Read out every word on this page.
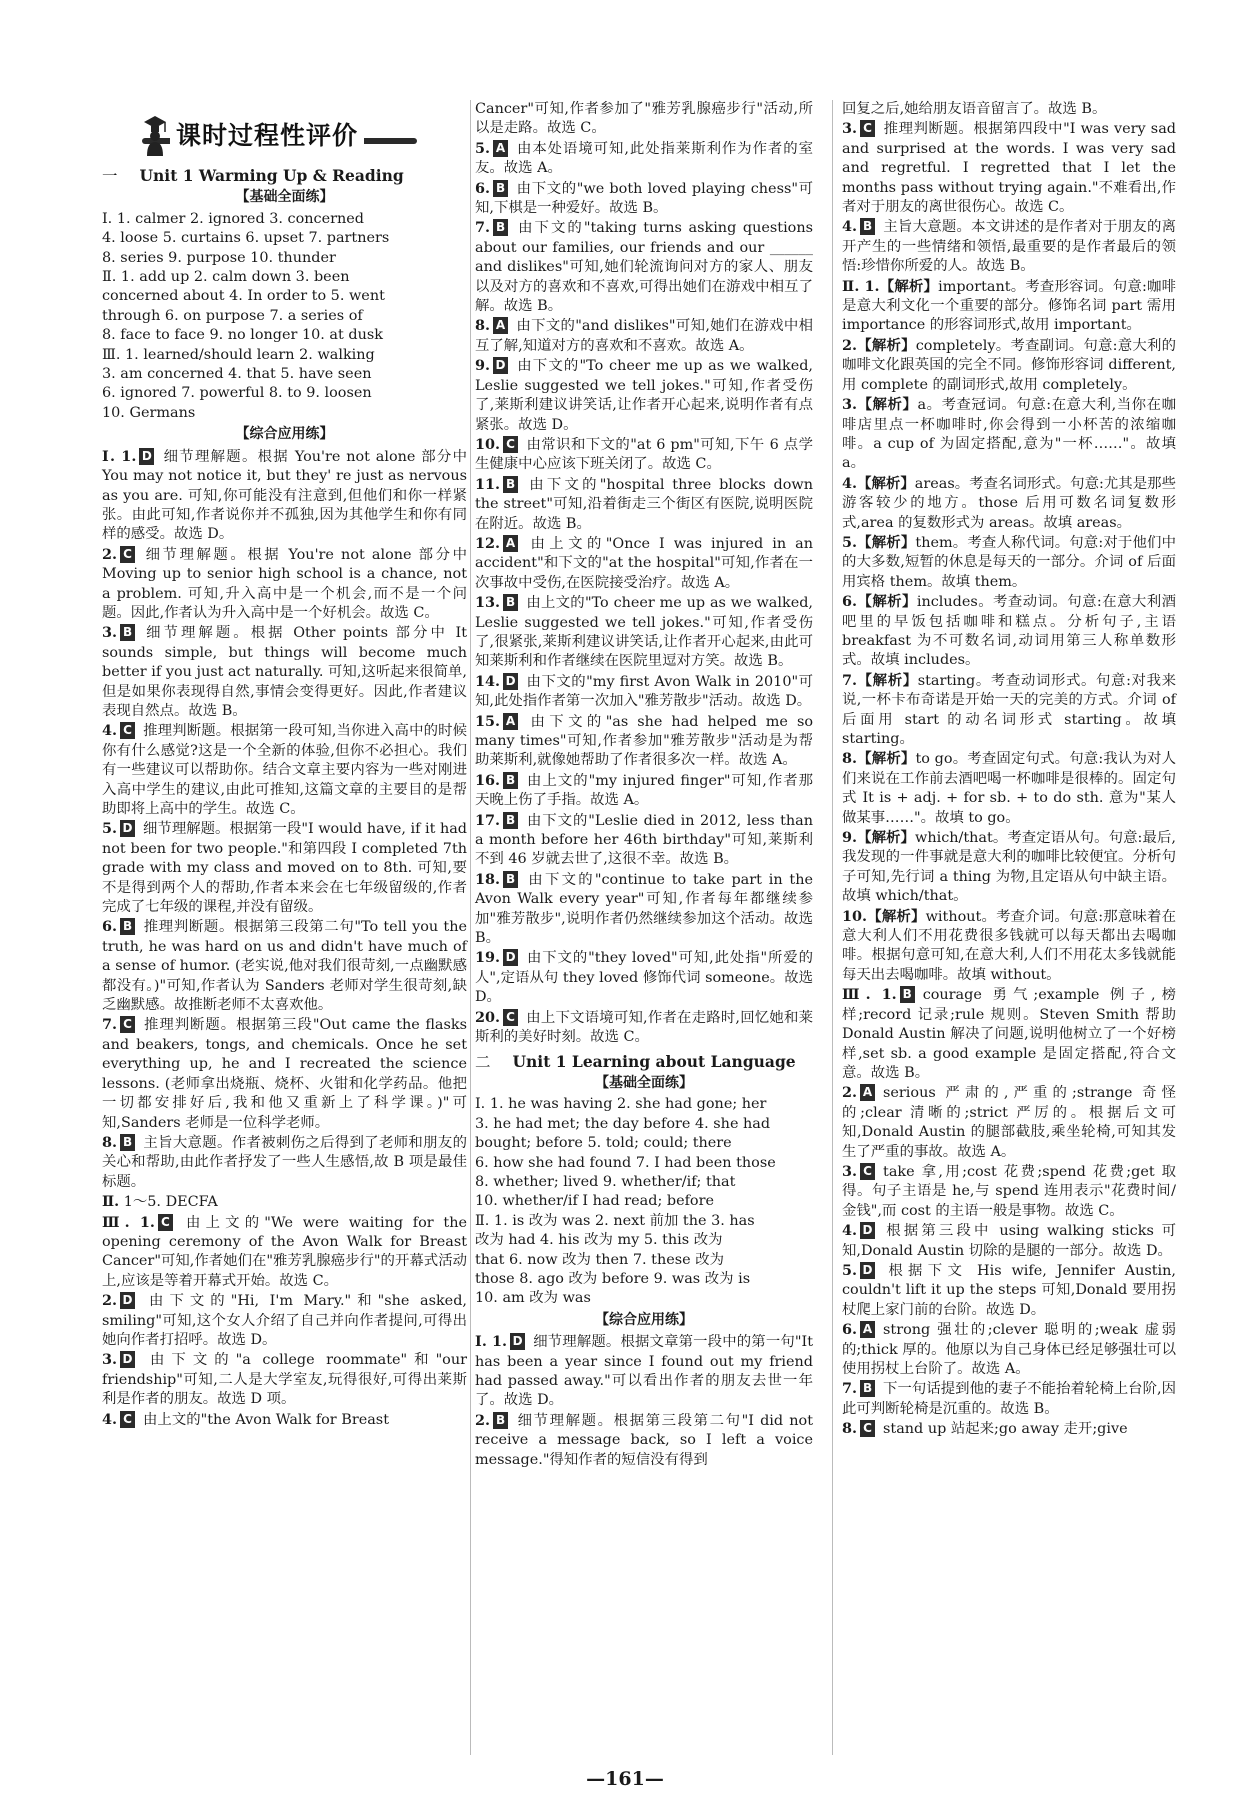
课时过程性评价
一 Unit 1 Warming Up & Reading
【基础全面练】
Ⅰ. 1. calmer 2. ignored 3. concerned
4. loose 5. curtains 6. upset 7. partners
8. series 9. purpose 10. thunder
Ⅱ. 1. add up 2. calm down 3. been
concerned about 4. In order to 5. went
through 6. on purpose 7. a series of
8. face to face 9. no longer 10. at dusk
Ⅲ. 1. learned/should learn 2. walking
3. am concerned 4. that 5. have seen
6. ignored 7. powerful 8. to 9. loosen
10. Germans
【综合应用练】

Ⅰ. 1. D 细节理解题。根据 You're not alone 部分中 You may not notice it, but they' re just as nervous as you are. 可知,你可能没有注意到,但他们和你一样紧张。由此可知,作者说你并不孤独,因为其他学生和你有同样的感受。故选 D。

2. C 细节理解题。根据 You're not alone 部分中 Moving up to senior high school is a chance, not a problem. 可知,升入高中是一个机会,而不是一个问题。因此,作者认为升入高中是一个好机会。故选 C。

3. B 细节理解题。根据 Other points 部分中 It sounds simple, but things will become much better if you just act naturally. 可知,这听起来很简单,但是如果你表现得自然,事情会变得更好。因此,作者建议表现自然点。故选 B。

4. C 推理判断题。根据第一段可知,当你进入高中的时候你有什么感觉?这是一个全新的体验,但你不必担心。我们有一些建议可以帮助你。结合文章主要内容为一些对刚进入高中学生的建议,由此可推知,这篇文章的主要目的是帮助即将上高中的学生。故选 C。

5. D 细节理解题。根据第一段"I would have, if it had not been for two people."和第四段 I completed 7th grade with my class and moved on to 8th. 可知,要不是得到两个人的帮助,作者本来会在七年级留级的,作者完成了七年级的课程,并没有留级。

6. B 推理判断题。根据第三段第二句"To tell you the truth, he was hard on us and didn't have much of a sense of humor. (老实说,他对我们很苛刻,一点幽默感都没有。)"可知,作者认为 Sanders 老师对学生很苛刻,缺乏幽默感。故推断老师不太喜欢他。

7. C 推理判断题。根据第三段"Out came the flasks and beakers, tongs, and chemicals. Once he set everything up, he and I recreated the science lessons. (老师拿出烧瓶、烧杯、火钳和化学药品。他把一切都安排好后,我和他又重新上了科学课。)"可知,Sanders 老师是一位科学老师。

8. B 主旨大意题。作者被刺伤之后得到了老师和朋友的关心和帮助,由此作者抒发了一些人生感悟,故 B 项是最佳标题。

Ⅱ. 1～5. DECFA

Ⅲ. 1. C 由上文的"We were waiting for the opening ceremony of the Avon Walk for Breast Cancer"可知,作者她们在"雅芳乳腺癌步行"的开幕式活动上,应该是等着开幕式开始。故选 C。

2. D 由下文的"Hi, I'm Mary."和"she asked, smiling"可知,这个女人介绍了自己并向作者提问,可得出她向作者打招呼。故选 D。

3. D 由下文的"a college roommate"和"our friendship"可知,二人是大学室友,玩得很好,可得出莱斯利是作者的朋友。故选 D 项。

4. C 由上文的"the Avon Walk for Breast

Cancer"可知,作者参加了"雅芳乳腺癌步行"活动,所以是走路。故选 C。

5. A 由本处语境可知,此处指莱斯利作为作者的室友。故选 A。

6. B 由下文的"we both loved playing chess"可知,下棋是一种爱好。故选 B。

7. B 由下文的"taking turns asking questions about our families, our friends and our ______ and dislikes"可知,她们轮流询问对方的家人、朋友以及对方的喜欢和不喜欢,可得出她们在游戏中相互了解。故选 B。

8. A 由下文的"and dislikes"可知,她们在游戏中相互了解,知道对方的喜欢和不喜欢。故选 A。

9. D 由下文的"To cheer me up as we walked, Leslie suggested we tell jokes."可知,作者受伤了,莱斯利建议讲笑话,让作者开心起来,说明作者有点紧张。故选 D。

10. C 由常识和下文的"at 6 pm"可知,下午 6 点学生健康中心应该下班关闭了。故选 C。

11. B 由下文的"hospital three blocks down the street"可知,沿着街走三个街区有医院,说明医院在附近。故选 B。

12. A 由上文的"Once I was injured in an accident"和下文的"at the hospital"可知,作者在一次事故中受伤,在医院接受治疗。故选 A。

13. B 由上文的"To cheer me up as we walked, Leslie suggested we tell jokes."可知,作者受伤了,很紧张,莱斯利建议讲笑话,让作者开心起来,由此可知莱斯利和作者继续在医院里逗对方笑。故选 B。

14. D 由下文的"my first Avon Walk in 2010"可知,此处指作者第一次加入"雅芳散步"活动。故选 D。

15. A 由下文的"as she had helped me so many times"可知,作者参加"雅芳散步"活动是为帮助莱斯利,就像她帮助了作者很多次一样。故选 A。

16. B 由上文的"my injured finger"可知,作者那天晚上伤了手指。故选 A。

17. B 由下文的"Leslie died in 2012, less than a month before her 46th birthday"可知,莱斯利不到 46 岁就去世了,这很不幸。故选 B。

18. B 由下文的"continue to take part in the Avon Walk every year"可知,作者每年都继续参加"雅芳散步",说明作者仍然继续参加这个活动。故选 B。

19. D 由下文的"they loved"可知,此处指"所爱的人",定语从句 they loved 修饰代词 someone。故选 D。

20. C 由上下文语境可知,作者在走路时,回忆她和莱斯利的美好时刻。故选 C。

二 Unit 1 Learning about Language
【基础全面练】
Ⅰ. 1. he was having 2. she had gone; her
3. he had met; the day before 4. she had
bought; before 5. told; could; there
6. how she had found 7. I had been those
8. whether; lived 9. whether/if; that
10. whether/if I had read; before
Ⅱ. 1. is 改为 was 2. next 前加 the 3. has
改为 had 4. his 改为 my 5. this 改为
that 6. now 改为 then 7. these 改为
those 8. ago 改为 before 9. was 改为 is
10. am 改为 was
【综合应用练】

Ⅰ. 1. D 细节理解题。根据文章第一段中的第一句"It has been a year since I found out my friend had passed away."可以看出作者的朋友去世一年了。故选 D。

2. B 细节理解题。根据第三段第二句"I did not receive a message back, so I left a voice message."得知作者的短信没有得到

回复之后,她给朋友语音留言了。故选 B。

3. C 推理判断题。根据第四段中"I was very sad and surprised at the words. I was very sad and regretful. I regretted that I let the months pass without trying again."不难看出,作者对于朋友的离世很伤心。故选 C。

4. B 主旨大意题。本文讲述的是作者对于朋友的离开产生的一些情绪和领悟,最重要的是作者最后的领悟:珍惜你所爱的人。故选 B。

Ⅱ. 1.【解析】important。考查形容词。句意:咖啡是意大利文化一个重要的部分。修饰名词 part 需用 importance 的形容词形式,故用 important。

2.【解析】completely。考查副词。句意:意大利的咖啡文化跟英国的完全不同。修饰形容词 different,用 complete 的副词形式,故用 completely。

3.【解析】a。考查冠词。句意:在意大利,当你在咖啡店里点一杯咖啡时,你会得到一小杯苦的浓缩咖啡。a cup of 为固定搭配,意为"一杯……"。故填 a。

4.【解析】areas。考查名词形式。句意:尤其是那些游客较少的地方。those 后用可数名词复数形式,area 的复数形式为 areas。故填 areas。

5.【解析】them。考查人称代词。句意:对于他们中的大多数,短暂的休息是每天的一部分。介词 of 后面用宾格 them。故填 them。

6.【解析】includes。考查动词。句意:在意大利酒吧里的早饭包括咖啡和糕点。分析句子,主语 breakfast 为不可数名词,动词用第三人称单数形式。故填 includes。

7.【解析】starting。考查动词形式。句意:对我来说,一杯卡布奇诺是开始一天的完美的方式。介词 of 后面用 start 的动名词形式 starting。故填 starting。

8.【解析】to go。考查固定句式。句意:我认为对人们来说在工作前去酒吧喝一杯咖啡是很棒的。固定句式 It is + adj. + for sb. + to do sth. 意为"某人做某事……"。故填 to go。

9.【解析】which/that。考查定语从句。句意:最后,我发现的一件事就是意大利的咖啡比较便宜。分析句子可知,先行词 a thing 为物,且定语从句中缺主语。故填 which/that。

10.【解析】without。考查介词。句意:那意味着在意大利人们不用花费很多钱就可以每天都出去喝咖啡。根据句意可知,在意大利,人们不用花太多钱就能每天出去喝咖啡。故填 without。

Ⅲ. 1. B courage 勇气;example 例子,榜样;record 记录;rule 规则。Steven Smith 帮助 Donald Austin 解决了问题,说明他树立了一个好榜样,set sb. a good example 是固定搭配,符合文意。故选 B。

2. A serious 严肃的,严重的;strange 奇怪的;clear 清晰的;strict 严厉的。根据后文可知,Donald Austin 的腿部截肢,乘坐轮椅,可知其发生了严重的事故。故选 A。

3. C take 拿,用;cost 花费;spend 花费;get 取得。句子主语是 he,与 spend 连用表示"花费时间/金钱",而 cost 的主语一般是事物。故选 C。

4. D 根据第三段中 using walking sticks 可知,Donald Austin 切除的是腿的一部分。故选 D。

5. D 根据下文 His wife, Jennifer Austin, couldn't lift it up the steps 可知,Donald 要用拐杖爬上家门前的台阶。故选 D。

6. A strong 强壮的;clever 聪明的;weak 虚弱的;thick 厚的。他原以为自己身体已经足够强壮可以使用拐杖上台阶了。故选 A。

7. B 下一句话提到他的妻子不能抬着轮椅上台阶,因此可判断轮椅是沉重的。故选 B。

8. C stand up 站起来;go away 走开;give

—161—
